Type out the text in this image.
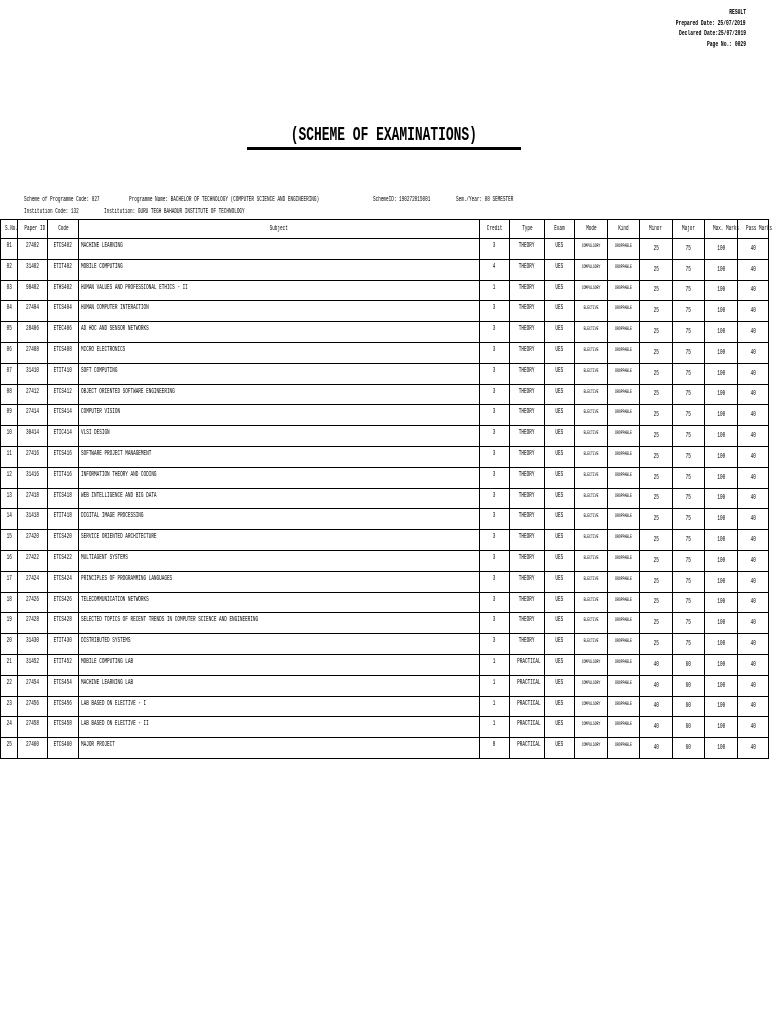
RESULT
Prepared Date: 25/07/2019
Declared Date:25/07/2019
Page No.: 0029
(SCHEME OF EXAMINATIONS)
Scheme of Programme Code: 027	Programme Name: BACHELOR OF TECHNOLOGY (COMPUTER SCIENCE AND ENGINEERING)	SchemeID: 190272015001	Sem./Year: 08 SEMESTER
Institution Code: 132	Institution: GURU TEGH BAHADUR INSTITUTE OF TECHNOLOGY
S.No.	Paper ID	Code	Subject	Credit	Type	Exam	Mode	Kind	Minor	Major	Max. Marks	Pass Marks
01	27402	ETCS402	MACHINE LEARNING	3	THEORY	UES	COMPULSORY	DROPPABLE	25	75	100	40
02	31402	ETIT402	MOBILE COMPUTING	4	THEORY	UES	COMPULSORY	DROPPABLE	25	75	100	40
03	98402	ETHS402	HUMAN VALUES AND PROFESSIONAL ETHICS - II	1	THEORY	UES	COMPULSORY	DROPPABLE	25	75	100	40
04	27404	ETCS404	HUMAN COMPUTER INTERACTION	3	THEORY	UES	ELECTIVE	DROPPABLE	25	75	100	40
05	28406	ETEC406	AD HOC AND SENSOR NETWORKS	3	THEORY	UES	ELECTIVE	DROPPABLE	25	75	100	40
06	27408	ETCS408	MICRO ELECTRONICS	3	THEORY	UES	ELECTIVE	DROPPABLE	25	75	100	40
07	31410	ETIT410	SOFT COMPUTING	3	THEORY	UES	ELECTIVE	DROPPABLE	25	75	100	40
08	27412	ETCS412	OBJECT ORIENTED SOFTWARE ENGINEERING	3	THEORY	UES	ELECTIVE	DROPPABLE	25	75	100	40
09	27414	ETCS414	COMPUTER VISION	3	THEORY	UES	ELECTIVE	DROPPABLE	25	75	100	40
10	30414	ETIC414	VLSI DESIGN	3	THEORY	UES	ELECTIVE	DROPPABLE	25	75	100	40
11	27416	ETCS416	SOFTWARE PROJECT MANAGEMENT	3	THEORY	UES	ELECTIVE	DROPPABLE	25	75	100	40
12	31416	ETIT416	INFORMATION THEORY AND CODING	3	THEORY	UES	ELECTIVE	DROPPABLE	25	75	100	40
13	27418	ETCS418	WEB INTELLIGENCE AND BIG DATA	3	THEORY	UES	ELECTIVE	DROPPABLE	25	75	100	40
14	31418	ETIT418	DIGITAL IMAGE PROCESSING	3	THEORY	UES	ELECTIVE	DROPPABLE	25	75	100	40
15	27420	ETCS420	SERVICE ORIENTED ARCHITECTURE	3	THEORY	UES	ELECTIVE	DROPPABLE	25	75	100	40
16	27422	ETCS422	MULTIAGENT SYSTEMS	3	THEORY	UES	ELECTIVE	DROPPABLE	25	75	100	40
17	27424	ETCS424	PRINCIPLES OF PROGRAMMING LANGUAGES	3	THEORY	UES	ELECTIVE	DROPPABLE	25	75	100	40
18	27426	ETCS426	TELECOMMUNICATION NETWORKS	3	THEORY	UES	ELECTIVE	DROPPABLE	25	75	100	40
19	27428	ETCS428	SELECTED TOPICS OF RECENT TRENDS IN COMPUTER SCIENCE AND ENGINEERING	3	THEORY	UES	ELECTIVE	DROPPABLE	25	75	100	40
20	31430	ETIT430	DISTRIBUTED SYSTEMS	3	THEORY	UES	ELECTIVE	DROPPABLE	25	75	100	40
21	31452	ETIT452	MOBILE COMPUTING LAB	1	PRACTICAL	UES	COMPULSORY	DROPPABLE	40	60	100	40
22	27454	ETCS454	MACHINE LEARNING LAB	1	PRACTICAL	UES	COMPULSORY	DROPPABLE	40	60	100	40
23	27456	ETCS456	LAB BASED ON ELECTIVE - I	1	PRACTICAL	UES	COMPULSORY	DROPPABLE	40	60	100	40
24	27458	ETCS458	LAB BASED ON ELECTIVE - II	1	PRACTICAL	UES	COMPULSORY	DROPPABLE	40	60	100	40
25	27460	ETCS460	MAJOR PROJECT	8	PRACTICAL	UES	COMPULSORY	DROPPABLE	40	60	100	40
